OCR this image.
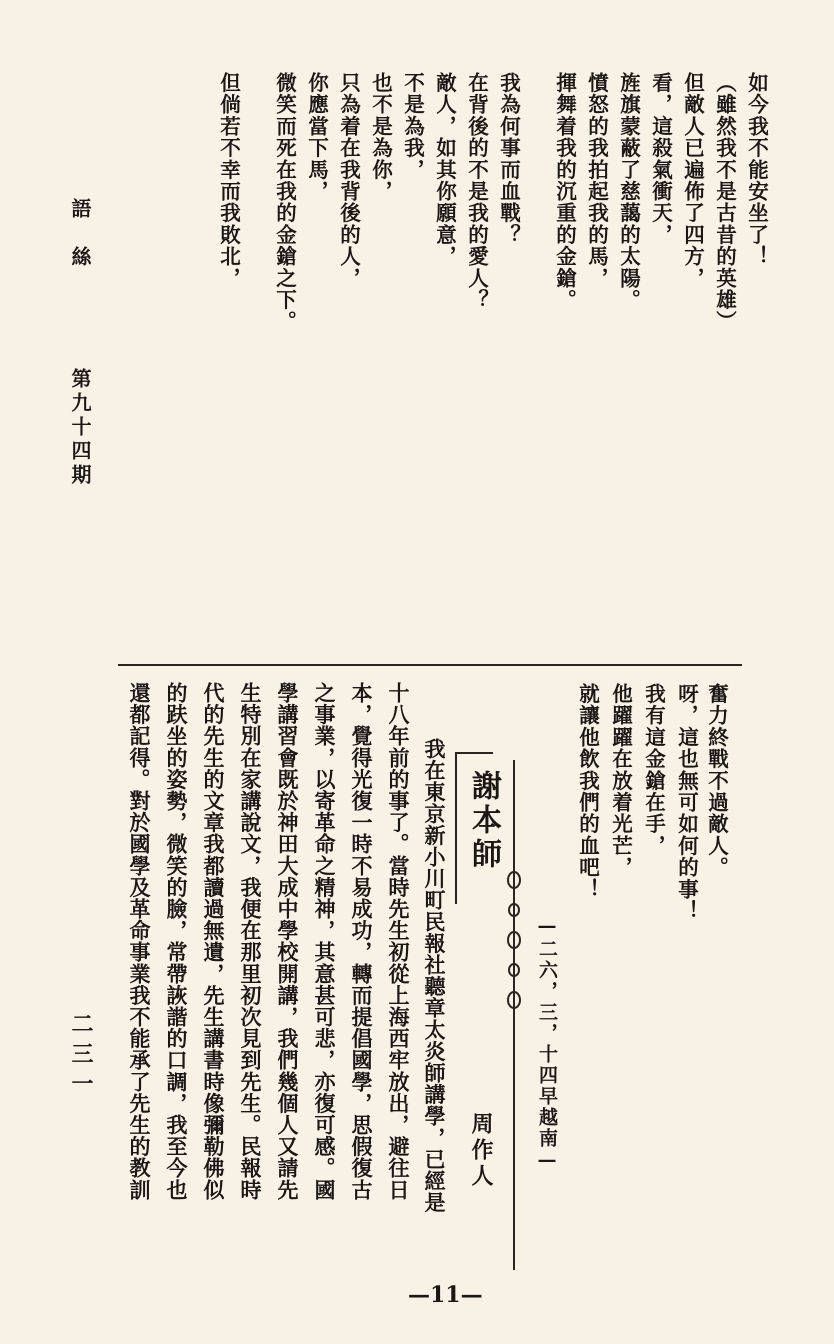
語絲
第九十四期
二三一
奮力終戰不過敵人。
呀，這也無可如何的事！
我有這金鎗在手，
他躍躍在放着光芒，
就讓他飲我們的血吧！
—二六，三，十四早越南—
謝本師
周作人
我在東京新小川町民報社聽章太炎師講學，已經是
十八年前的事了。當時先生初從上海西牢放出，避往日
本，覺得光復一時不易成功，轉而提倡國學，思假復古
之事業，以寄革命之精神，其意甚可悲，亦復可感。國
學講習會既於神田大成中學校開講，我們幾個人又請先
生特別在家講說文，我便在那里初次見到先生。民報時
代的先生的文章我都讀過無遺，先生講書時像彌勒佛似
的趺坐的姿勢，微笑的臉，常帶詼諧的口調，我至今也
還都記得。對於國學及革命事業我不能承了先生的教訓
—11—
如今我不能安坐了！
（雖然我不是古昔的英雄）
但敵人已遍佈了四方，
看，這殺氣衝天，
旌旗蒙蔽了慈藹的太陽。
憤怒的我拍起我的馬，
揮舞着我的沉重的金鎗。
我為何事而血戰？
在背後的不是我的愛人？
敵人，如其你願意，
不是為我，
也不是為你，
只為着在我背後的人，
你應當下馬，
微笑而死在我的金鎗之下。
但倘若不幸而我敗北，
